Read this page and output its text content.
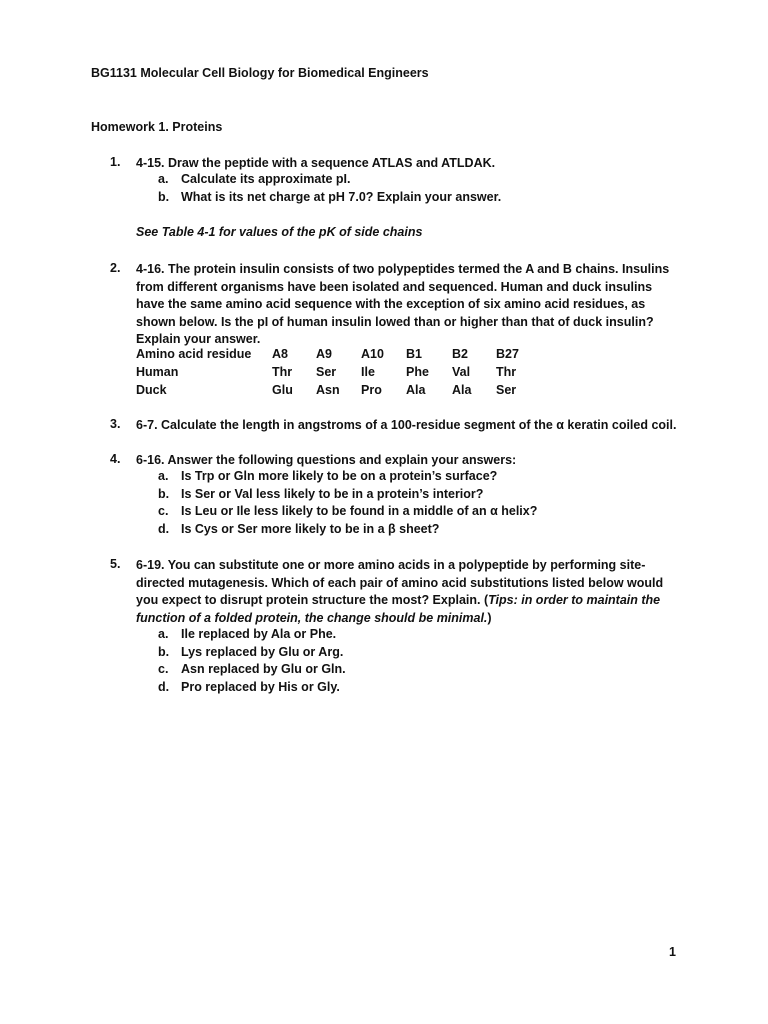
BG1131 Molecular Cell Biology for Biomedical Engineers
Homework 1. Proteins
1. 4-15. Draw the peptide with a sequence ATLAS and ATLDAK.
a. Calculate its approximate pI.
b. What is its net charge at pH 7.0? Explain your answer.
See Table 4-1 for values of the pK of side chains
2. 4-16. The protein insulin consists of two polypeptides termed the A and B chains. Insulins from different organisms have been isolated and sequenced. Human and duck insulins have the same amino acid sequence with the exception of six amino acid residues, as shown below. Is the pI of human insulin lowed than or higher than that of duck insulin? Explain your answer.
Amino acid residue A8 A9 A10 B1 B2 B27
Human	Thr Ser Ile Phe Val Thr
Duck	Glu Asn Pro Ala Ala Ser
3. 6-7. Calculate the length in angstroms of a 100-residue segment of the α keratin coiled coil.
4. 6-16. Answer the following questions and explain your answers:
a. Is Trp or Gln more likely to be on a protein’s surface?
b. Is Ser or Val less likely to be in a protein’s interior?
c. Is Leu or Ile less likely to be found in a middle of an α helix?
d. Is Cys or Ser more likely to be in a β sheet?
5. 6-19. You can substitute one or more amino acids in a polypeptide by performing site-directed mutagenesis. Which of each pair of amino acid substitutions listed below would you expect to disrupt protein structure the most? Explain. (Tips: in order to maintain the function of a folded protein, the change should be minimal.)
a. Ile replaced by Ala or Phe.
b. Lys replaced by Glu or Arg.
c. Asn replaced by Glu or Gln.
d. Pro replaced by His or Gly.
1
